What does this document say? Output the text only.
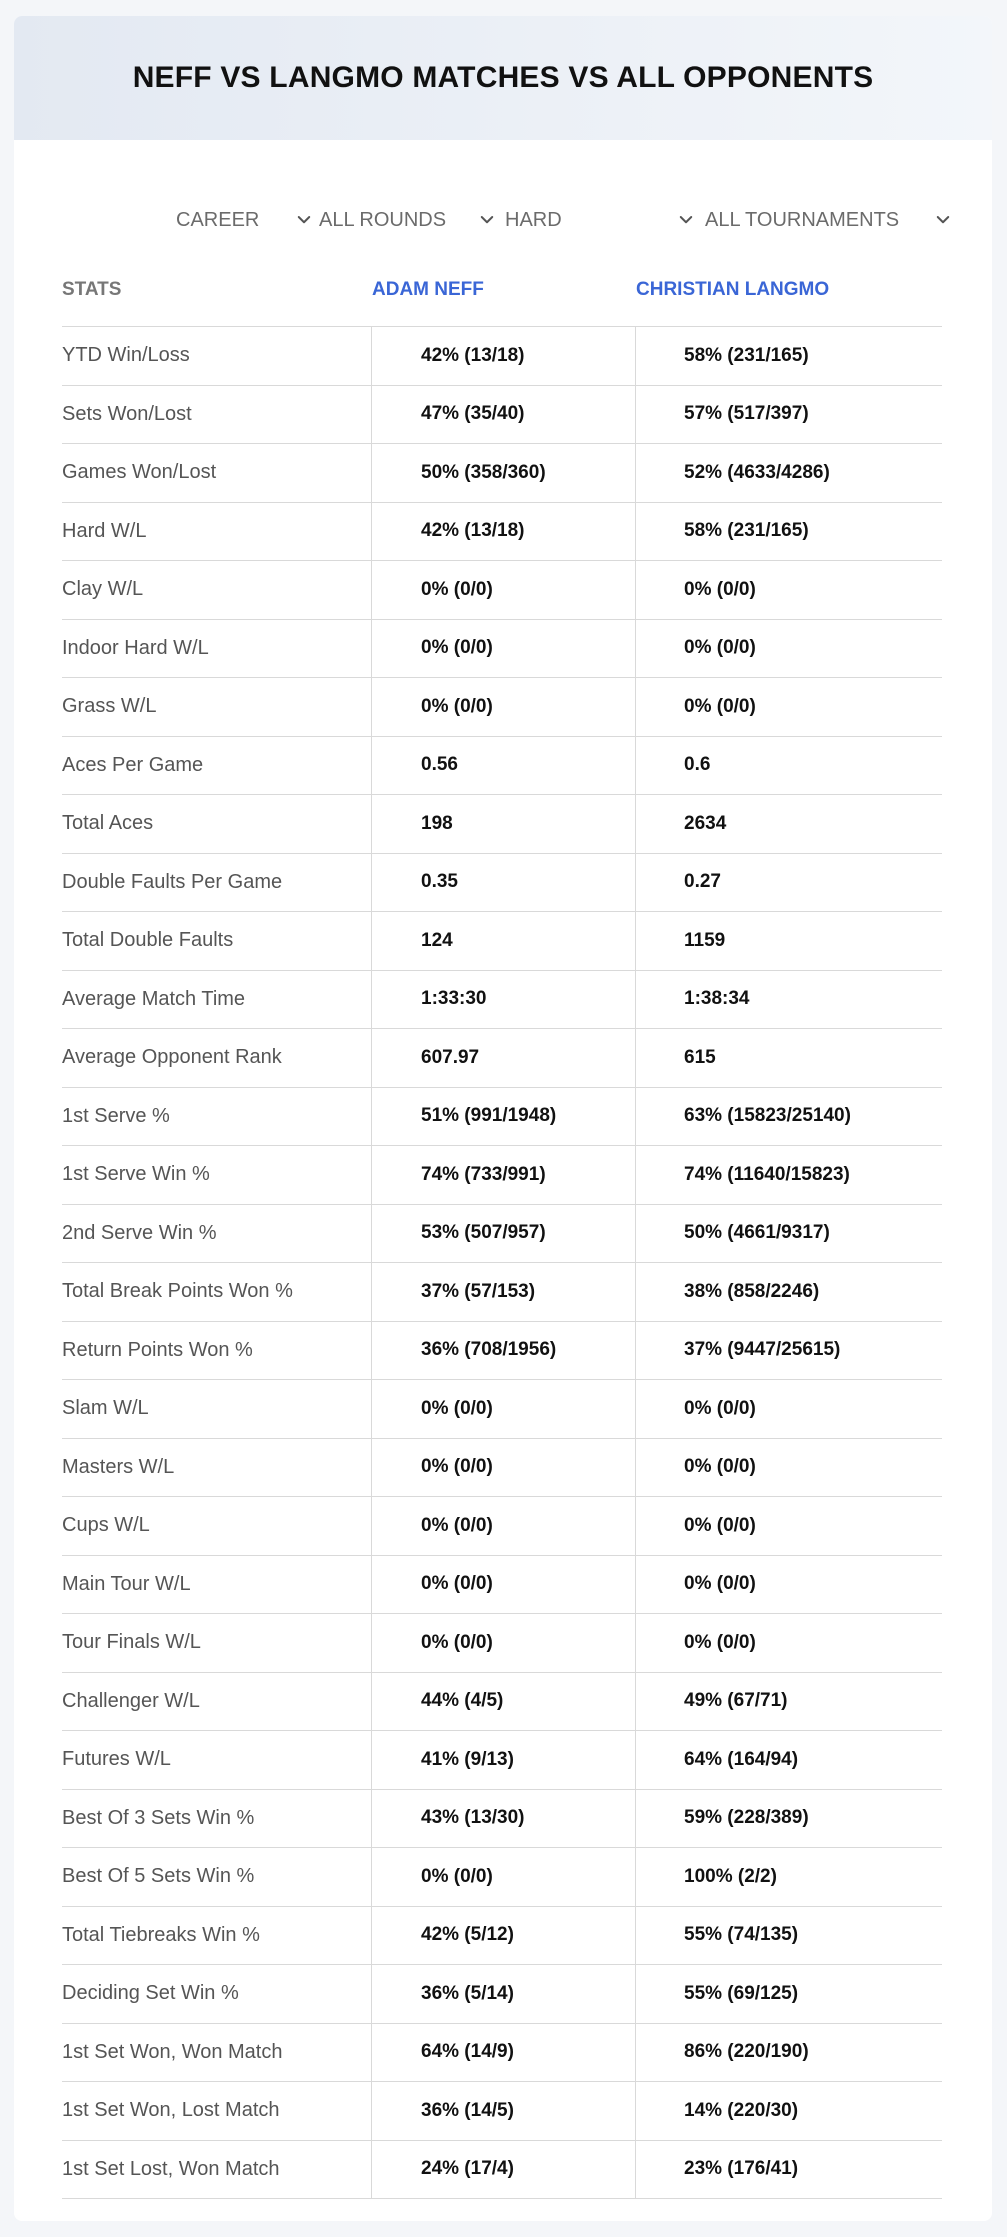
NEFF VS LANGMO MATCHES VS ALL OPPONENTS
CAREER	ALL ROUNDS	HARD	ALL TOURNAMENTS
STATS	ADAM NEFF	CHRISTIAN LANGMO
YTD Win/Loss	42% (13/18)	58% (231/165)
Sets Won/Lost	47% (35/40)	57% (517/397)
Games Won/Lost	50% (358/360)	52% (4633/4286)
Hard W/L	42% (13/18)	58% (231/165)
Clay W/L	0% (0/0)	0% (0/0)
Indoor Hard W/L	0% (0/0)	0% (0/0)
Grass W/L	0% (0/0)	0% (0/0)
Aces Per Game	0.56	0.6
Total Aces	198	2634
Double Faults Per Game	0.35	0.27
Total Double Faults	124	1159
Average Match Time	1:33:30	1:38:34
Average Opponent Rank	607.97	615
1st Serve %	51% (991/1948)	63% (15823/25140)
1st Serve Win %	74% (733/991)	74% (11640/15823)
2nd Serve Win %	53% (507/957)	50% (4661/9317)
Total Break Points Won %	37% (57/153)	38% (858/2246)
Return Points Won %	36% (708/1956)	37% (9447/25615)
Slam W/L	0% (0/0)	0% (0/0)
Masters W/L	0% (0/0)	0% (0/0)
Cups W/L	0% (0/0)	0% (0/0)
Main Tour W/L	0% (0/0)	0% (0/0)
Tour Finals W/L	0% (0/0)	0% (0/0)
Challenger W/L	44% (4/5)	49% (67/71)
Futures W/L	41% (9/13)	64% (164/94)
Best Of 3 Sets Win %	43% (13/30)	59% (228/389)
Best Of 5 Sets Win %	0% (0/0)	100% (2/2)
Total Tiebreaks Win %	42% (5/12)	55% (74/135)
Deciding Set Win %	36% (5/14)	55% (69/125)
1st Set Won, Won Match	64% (14/9)	86% (220/190)
1st Set Won, Lost Match	36% (14/5)	14% (220/30)
1st Set Lost, Won Match	24% (17/4)	23% (176/41)
